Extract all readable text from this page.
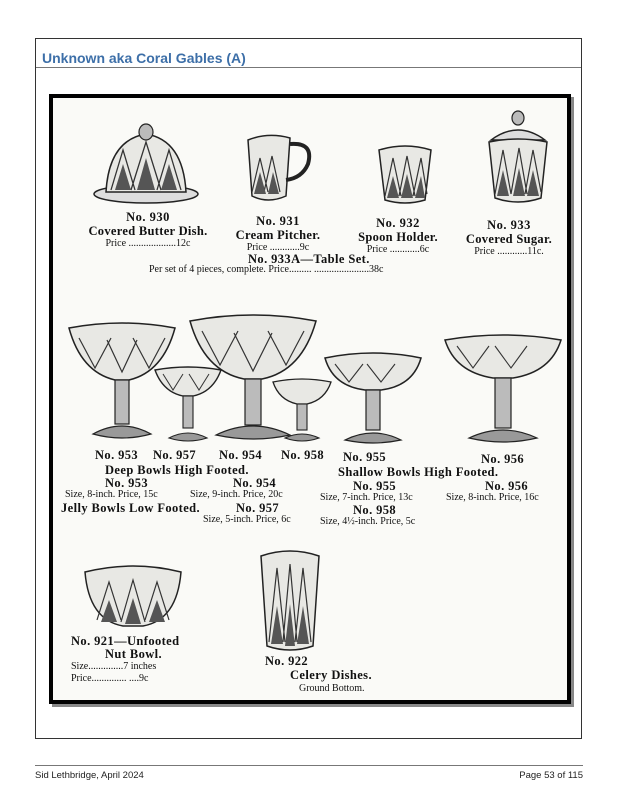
Unknown aka Coral Gables (A)
No. 930
Covered Butter Dish.
Price ...................12c
No. 931
Cream Pitcher.
Price ............9c
No. 932
Spoon Holder.
Price ............6c
No. 933
Covered Sugar.
Price ............11c.
No. 933A—Table Set.
Per set of 4 pieces, complete. Price......... ......................38c
No. 953 No. 957 No. 954 No. 958 No. 955	No. 956
Deep Bowls High Footed.	Shallow Bowls High Footed.
No. 953	No. 954	No. 955	No. 956
Size, 8-inch. Price, 15c	Size, 9-inch. Price, 20c	Size, 7-inch. Price, 13c	Size, 8-inch. Price, 16c
Jelly Bowls Low Footed.	No. 957	No. 958
Size, 5-inch. Price, 6c	Size, 4½-inch. Price, 5c
No. 921—Unfooted
Nut Bowl.
Size..............7 inches
Price.............. ....9c
No. 922
Celery Dishes.
Ground Bottom.
Sid Lethbridge, April 2024	Page 53 of 115
